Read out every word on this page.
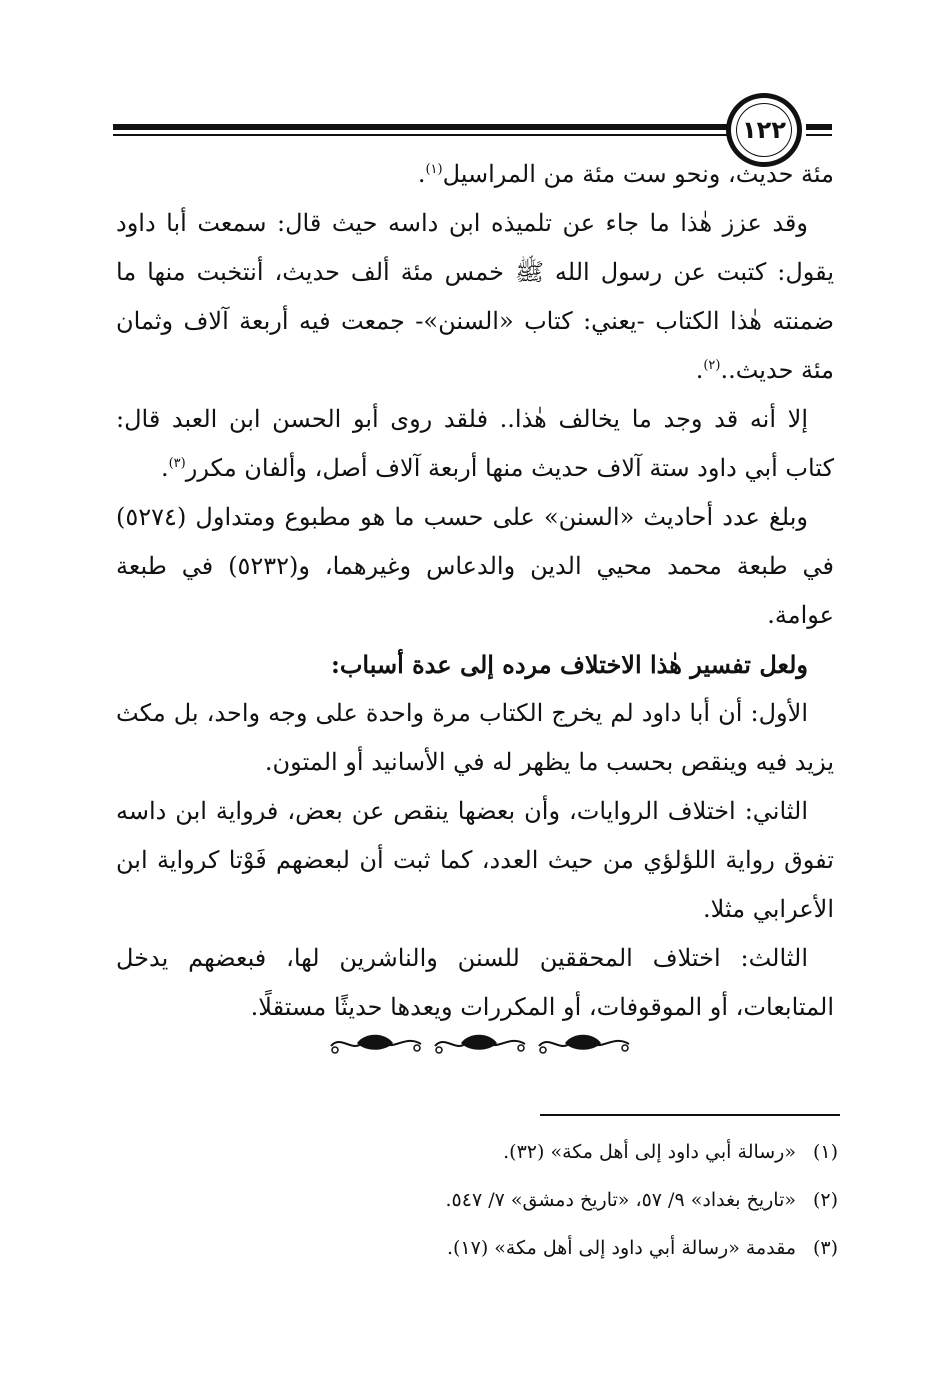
١٢٢

مئة حديث، ونحو ست مئة من المراسيل$^{(١)}$.

وقد عزز هٰذا ما جاء عن تلميذه ابن داسه حيث قال: سمعت أبا داود يقول: كتبت عن رسول الله ﷺ خمس مئة ألف حديث، أنتخبت منها ما ضمنته هٰذا الكتاب -يعني: كتاب «السنن»- جمعت فيه أربعة آلاف وثمان مئة حديث..$^{(٢)}$.

إلا أنه قد وجد ما يخالف هٰذا.. فلقد روى أبو الحسن ابن العبد قال: كتاب أبي داود ستة آلاف حديث منها أربعة آلاف أصل، وألفان مكرر$^{(٣)}$.

وبلغ عدد أحاديث «السنن» على حسب ما هو مطبوع ومتداول (٥٢٧٤) في طبعة محمد محيي الدين والدعاس وغيرهما، و(٥٢٣٢) في طبعة عوامة.

ولعل تفسير هٰذا الاختلاف مرده إلى عدة أسباب:

الأول: أن أبا داود لم يخرج الكتاب مرة واحدة على وجه واحد، بل مكث يزيد فيه وينقص بحسب ما يظهر له في الأسانيد أو المتون.

الثاني: اختلاف الروايات، وأن بعضها ينقص عن بعض، فرواية ابن داسه تفوق رواية اللؤلؤي من حيث العدد، كما ثبت أن لبعضهم فَوْتا كرواية ابن الأعرابي مثلا.

الثالث: اختلاف المحققين للسنن والناشرين لها، فبعضهم يدخل المتابعات، أو الموقوفات، أو المكررات ويعدها حديثًا مستقلًا.

(١)
«رسالة أبي داود إلى أهل مكة» (٣٢).
(٢)
«تاريخ بغداد» ٩/ ٥٧، «تاريخ دمشق» ٧/ ٥٤٧.
(٣)
مقدمة «رسالة أبي داود إلى أهل مكة» (١٧).
